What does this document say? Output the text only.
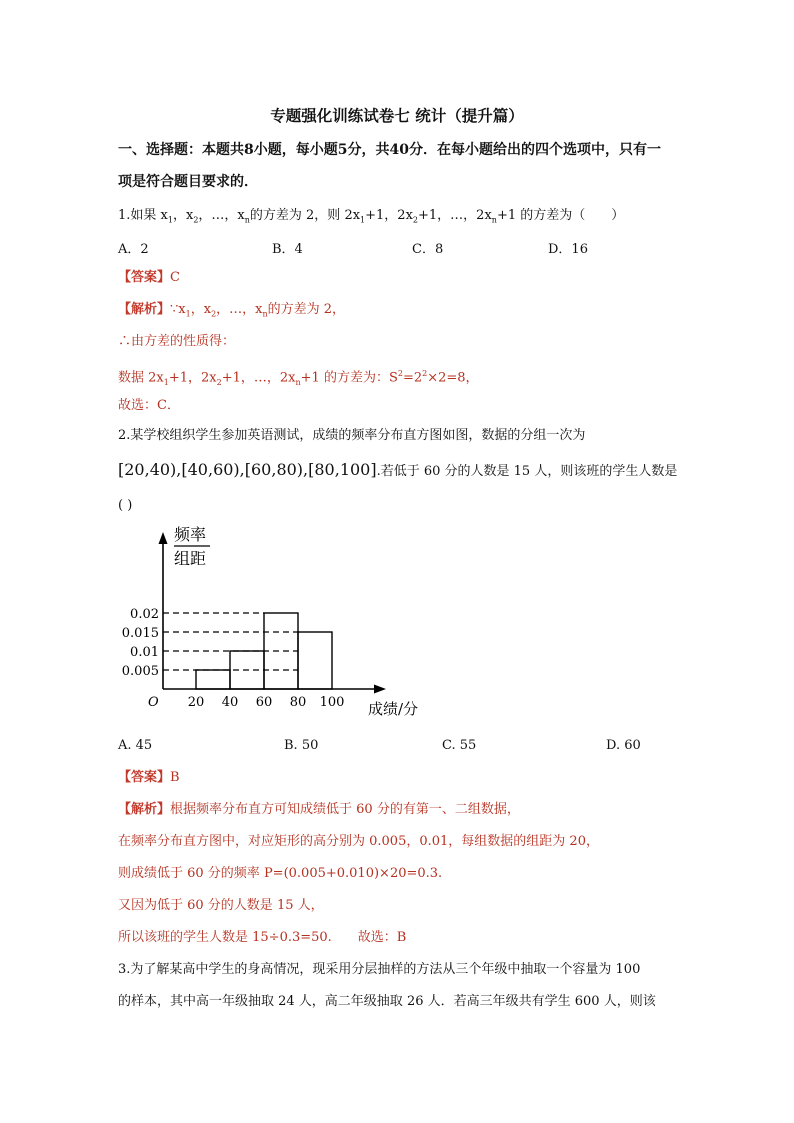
专题强化训练试卷七 统计（提升篇）
一、选择题：本题共8小题，每小题5分，共40分．在每小题给出的四个选项中，只有一
项是符合题目要求的．
1.如果 $x_1$，$x_2$，…，$x_n$的方差为 2，则 $2x_1+1$，$2x_2+1$，…，$2x_n+1$ 的方差为（　　）
A．2	B．4	C．8	D．16
【答案】C
【解析】$\because x_1$，$x_2$，…，$x_n$的方差为 2，
∴由方差的性质得：
数据 $2x_1+1$，$2x_2+1$，…，$2x_n+1$ 的方差为：$S^2=2^2\times 2=8$，
故选：C．
2.某学校组织学生参加英语测试，成绩的频率分布直方图如图，数据的分组一次为
[20,40),[40,60),[60,80),[80,100].若低于 60 分的人数是 15 人，则该班的学生人数是
( )
频率
组距
O	成绩/分
0.02
0.015
0.01
0.005
20 40 60 80 100
A. 45	B. 50	C. 55	D. 60
【答案】B
【解析】根据频率分布直方可知成绩低于 60 分的有第一、二组数据，
在频率分布直方图中，对应矩形的高分别为 0.005，0.01，每组数据的组距为 20，
则成绩低于 60 分的频率 P=(0.005+0.010)×20=0.3.
又因为低于 60 分的人数是 15 人，
所以该班的学生人数是 15÷0.3=50.　　故选：B
3.为了解某高中学生的身高情况，现采用分层抽样的方法从三个年级中抽取一个容量为 100
的样本，其中高一年级抽取 24 人，高二年级抽取 26 人．若高三年级共有学生 600 人，则该
